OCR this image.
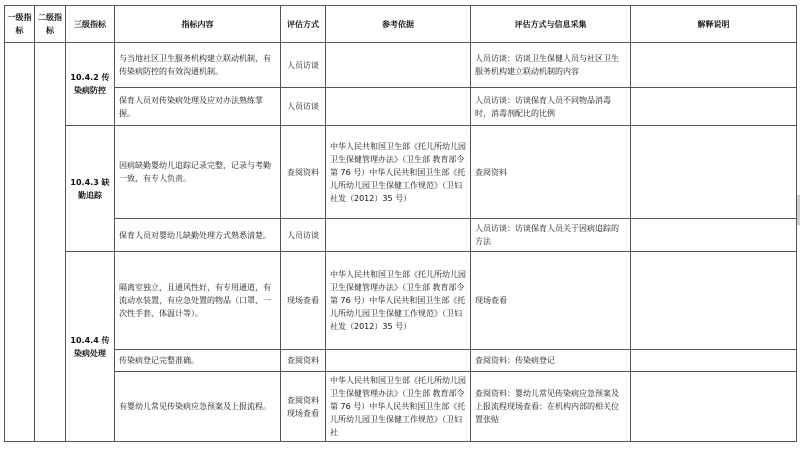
一级指标	二级指标	三级指标	指标内容	评估方式	参考依据	评估方式与信息采集	解释说明
		10.4.2 传染病防控	与当地社区卫生服务机构建立联动机制，有传染病防控的有效沟通机制。	人员访谈		人员访谈：访谈卫生保健人员与社区卫生服务机构建立联动机制的内容	
			保育人员对传染病处理及应对办法熟练掌握。	人员访谈		人员访谈：访谈保育人员不同物品消毒时，消毒剂配比的比例	
		10.4.3 缺勤追踪	因病缺勤婴幼儿追踪记录完整，记录与考勤一致，有专人负责。	查阅资料	中华人民共和国卫生部《托儿所幼儿园卫生保健管理办法》（卫生部 教育部令第 76 号）中华人民共和国卫生部《托儿所幼儿园卫生保健工作规范》（卫妇社发（2012）35 号）	查阅资料	
			保育人员对婴幼儿缺勤处理方式熟悉清楚。	人员访谈		人员访谈：访谈保育人员关于因病追踪的方法	
		10.4.4 传染病处理	隔离室独立，且通风性好，有专用通道，有流动水装置，有应急处置的物品（口罩、一次性手套、体温计等）。	现场查看	中华人民共和国卫生部《托儿所幼儿园卫生保健管理办法》（卫生部 教育部令第 76 号）中华人民共和国卫生部《托儿所幼儿园卫生保健工作规范》（卫妇社发（2012）35 号）	现场查看	
			传染病登记完整准确。	查阅资料		查阅资料：传染病登记	
			有婴幼儿常见传染病应急预案及上报流程。	查阅资料 现场查看	中华人民共和国卫生部《托儿所幼儿园卫生保健管理办法》（卫生部 教育部令第 76 号）中华人民共和国卫生部《托儿所幼儿园卫生保健工作规范》（卫妇社	查阅资料：婴幼儿常见传染病应急预案及上报流程现场查看：在机构内部的相关位置张贴	
